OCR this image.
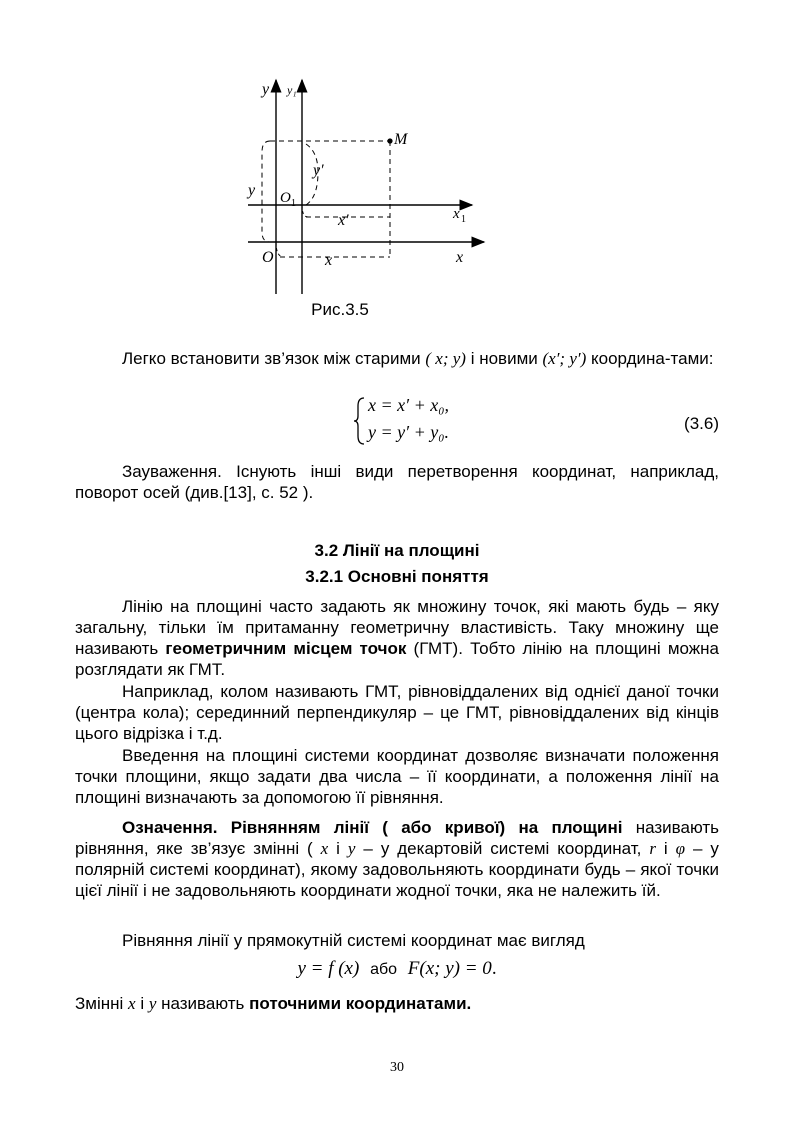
y y₁
M
y′
y O 1
x′	x 1
O	x	x
Рис.3.5

Легко встановити зв’язок між старими ( x; y) і новими (x′; y′) координа-тами:

x = x′ + x₀,
y = y′ + y₀.	(3.6)

Зауваження. Існують інші види перетворення координат, наприклад, поворот осей (див.[13], с. 52 ).

3.2 Лінії на площині
3.2.1 Основні поняття

Лінію на площині часто задають як множину точок, які мають будь – яку загальну, тільки їм притаманну геометричну властивість. Таку множину ще називають геометричним місцем точок (ГМТ). Тобто лінію на площині можна розглядати як ГМТ.

Наприклад, колом називають ГМТ, рівновіддалених від однієї даної точки (центра кола); серединний перпендикуляр – це ГМТ, рівновіддалених від кінців цього відрізка і т.д.

Введення на площині системи координат дозволяє визначати положення точки площини, якщо задати два числа – її координати, а положення лінії на площині визначають за допомогою її рівняння.

Означення. Рівнянням лінії ( або кривої) на площині називають рівняння, яке зв’язує змінні ( x і y – у декартовій системі координат, r і φ – у полярній системі координат), якому задовольняють координати будь – якої точки цієї лінії і не задовольняють координати жодної точки, яка не належить їй.

Рівняння лінії у прямокутній системі координат має вигляд

y = f (x) або F(x; y) = 0.

Змінні x і y називають поточними координатами.

30
